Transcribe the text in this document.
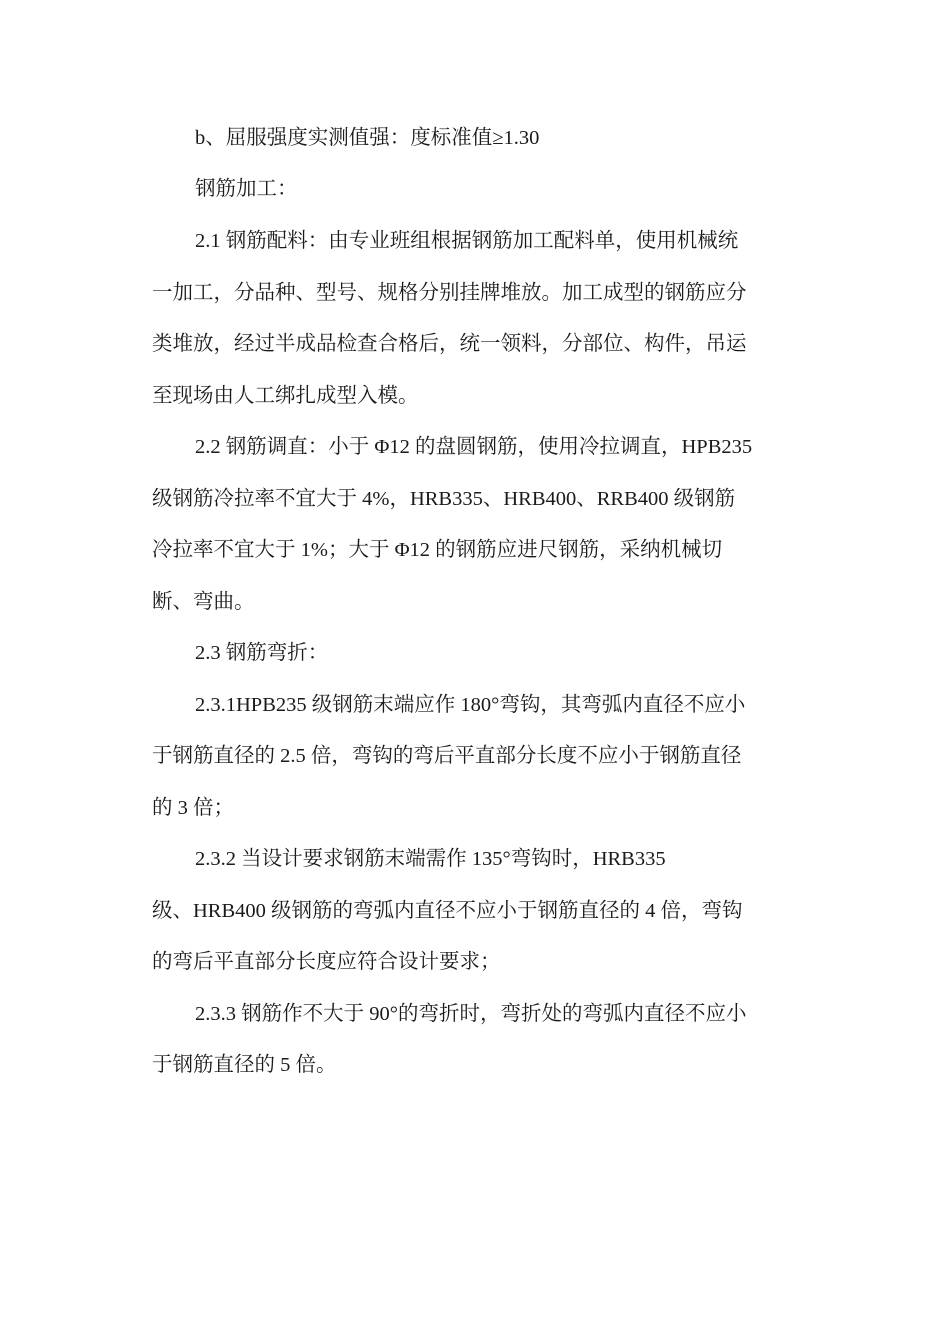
b、屈服强度实测值强：度标准值≥1.30
钢筋加工：
2.1 钢筋配料：由专业班组根据钢筋加工配料单，使用机械统
一加工，分品种、型号、规格分别挂牌堆放。加工成型的钢筋应分
类堆放，经过半成品检查合格后，统一领料，分部位、构件，吊运
至现场由人工绑扎成型入模。
2.2 钢筋调直：小于 Φ12 的盘圆钢筋，使用冷拉调直，HPB235
级钢筋冷拉率不宜大于 4%，HRB335、HRB400、RRB400 级钢筋
冷拉率不宜大于 1%；大于 Φ12 的钢筋应进尺钢筋，采纳机械切
断、弯曲。
2.3 钢筋弯折：
2.3.1HPB235 级钢筋末端应作 180°弯钩，其弯弧内直径不应小
于钢筋直径的 2.5 倍，弯钩的弯后平直部分长度不应小于钢筋直径
的 3 倍；
2.3.2 当设计要求钢筋末端需作 135°弯钩时，HRB335
级、HRB400 级钢筋的弯弧内直径不应小于钢筋直径的 4 倍，弯钩
的弯后平直部分长度应符合设计要求；
2.3.3 钢筋作不大于 90°的弯折时，弯折处的弯弧内直径不应小
于钢筋直径的 5 倍。
